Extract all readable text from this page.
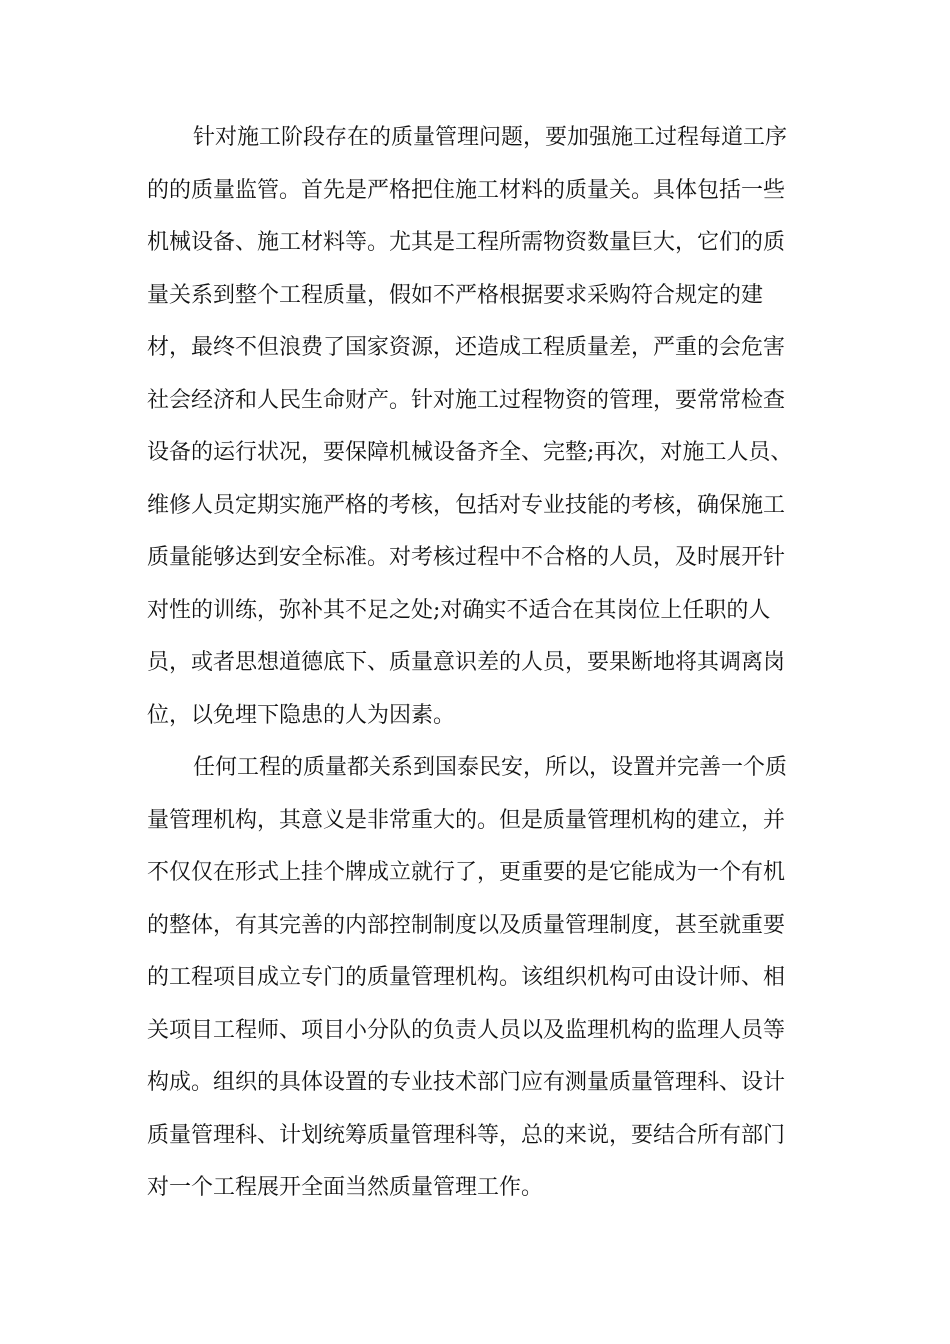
针对施工阶段存在的质量管理问题，要加强施工过程每道工序
的的质量监管。首先是严格把住施工材料的质量关。具体包括一些
机械设备、施工材料等。尤其是工程所需物资数量巨大，它们的质
量关系到整个工程质量，假如不严格根据要求采购符合规定的建
材，最终不但浪费了国家资源，还造成工程质量差，严重的会危害
社会经济和人民生命财产。针对施工过程物资的管理，要常常检查
设备的运行状况，要保障机械设备齐全、完整;再次，对施工人员、
维修人员定期实施严格的考核，包括对专业技能的考核，确保施工
质量能够达到安全标准。对考核过程中不合格的人员，及时展开针
对性的训练，弥补其不足之处;对确实不适合在其岗位上任职的人
员，或者思想道德底下、质量意识差的人员，要果断地将其调离岗
位，以免埋下隐患的人为因素。
任何工程的质量都关系到国泰民安，所以，设置并完善一个质
量管理机构，其意义是非常重大的。但是质量管理机构的建立，并
不仅仅在形式上挂个牌成立就行了，更重要的是它能成为一个有机
的整体，有其完善的内部控制制度以及质量管理制度，甚至就重要
的工程项目成立专门的质量管理机构。该组织机构可由设计师、相
关项目工程师、项目小分队的负责人员以及监理机构的监理人员等
构成。组织的具体设置的专业技术部门应有测量质量管理科、设计
质量管理科、计划统筹质量管理科等，总的来说，要结合所有部门
对一个工程展开全面当然质量管理工作。
